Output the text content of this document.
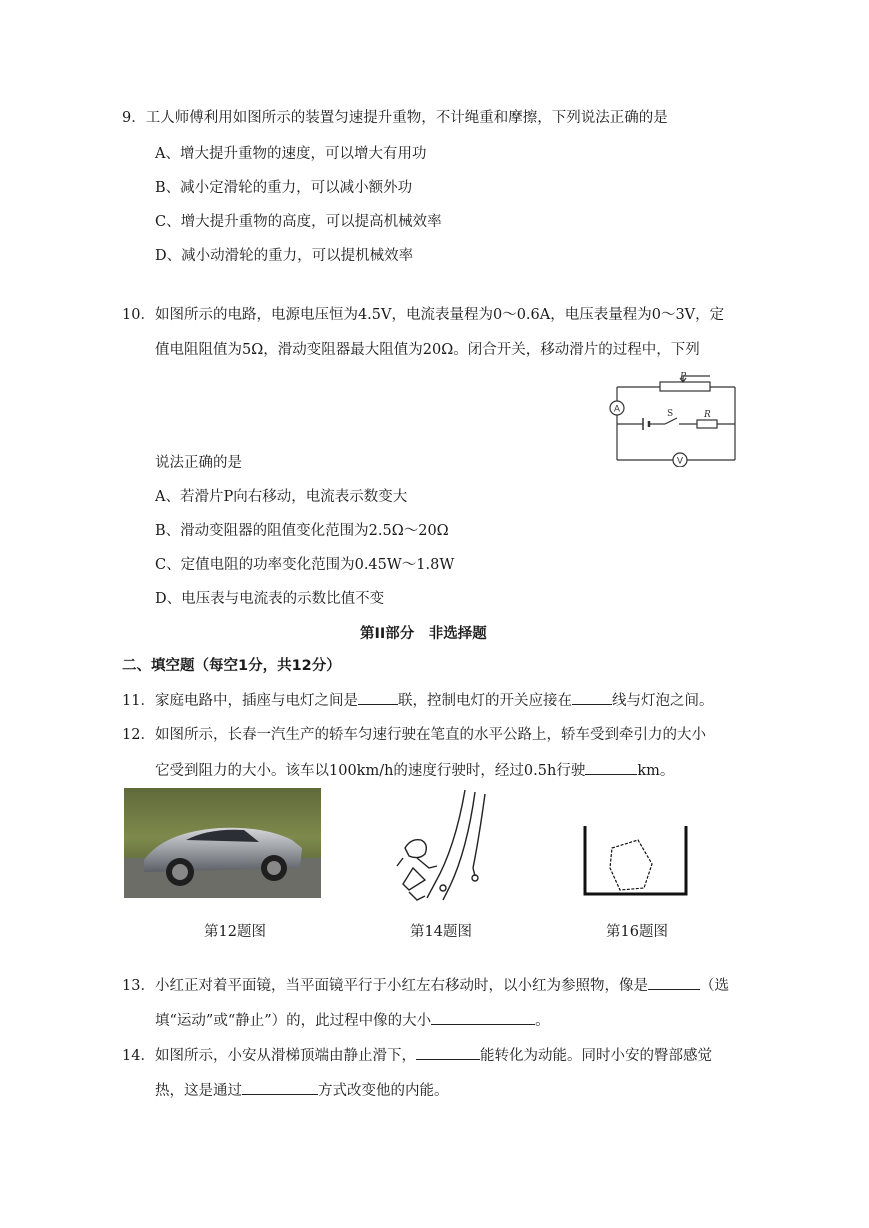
9．工人师傅利用如图所示的装置匀速提升重物，不计绳重和摩擦，下列说法正确的是
A、增大提升重物的速度，可以增大有用功
B、减小定滑轮的重力，可以减小额外功
C、增大提升重物的高度，可以提高机械效率
D、减小动滑轮的重力，可以提机械效率
10．如图所示的电路，电源电压恒为4.5V，电流表量程为0～0.6A，电压表量程为0～3V，定
值电阻阻值为5Ω，滑动变阻器最大阻值为20Ω。闭合开关，移动滑片的过程中，下列
A
V
P
S	R
说法正确的是
A、若滑片P向右移动，电流表示数变大
B、滑动变阻器的阻值变化范围为2.5Ω～20Ω
C、定值电阻的功率变化范围为0.45W～1.8W
D、电压表与电流表的示数比值不变
第II部分　非选择题
二、填空题（每空1分，共12分）
11．家庭电路中，插座与电灯之间是	联，控制电灯的开关应接在	线与灯泡之间。
12．如图所示，长春一汽生产的轿车匀速行驶在笔直的水平公路上，轿车受到牵引力的大小
它受到阻力的大小。该车以100km/h的速度行驶时，经过0.5h行驶	km。
第12题图	第14题图	第16题图
13．小红正对着平面镜，当平面镜平行于小红左右移动时，以小红为参照物，像是	（选
填“运动”或“静止”）的，此过程中像的大小	。
14．如图所示，小安从滑梯顶端由静止滑下，	能转化为动能。同时小安的臀部感觉
热，这是通过	方式改变他的内能。
